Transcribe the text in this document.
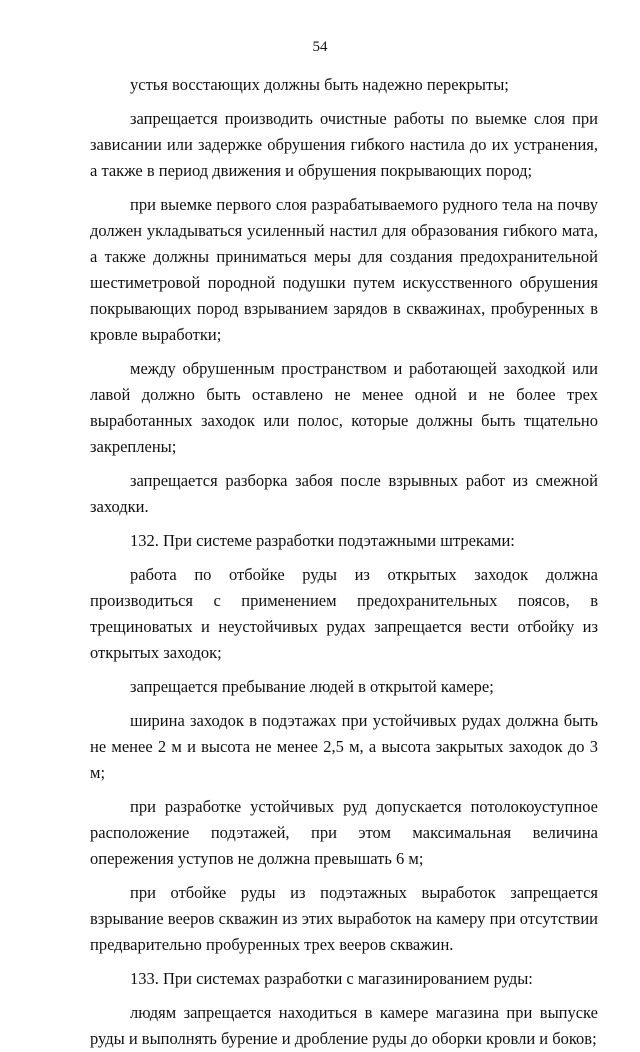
54

устья восстающих должны быть надежно перекрыты;

запрещается производить очистные работы по выемке слоя при зависании или задержке обрушения гибкого настила до их устранения, а также в период движения и обрушения покрывающих пород;

при выемке первого слоя разрабатываемого рудного тела на почву должен укладываться усиленный настил для образования гибкого мата, а также должны приниматься меры для создания предохранительной шестиметровой породной подушки путем искусственного обрушения покрывающих пород взрыванием зарядов в скважинах, пробуренных в кровле выработки;

между обрушенным пространством и работающей заходкой или лавой должно быть оставлено не менее одной и не более трех выработанных заходок или полос, которые должны быть тщательно закреплены;

запрещается разборка забоя после взрывных работ из смежной заходки.

132. При системе разработки подэтажными штреками:

работа по отбойке руды из открытых заходок должна производиться с применением предохранительных поясов, в трещиноватых и неустойчивых рудах запрещается вести отбойку из открытых заходок;

запрещается пребывание людей в открытой камере;

ширина заходок в подэтажах при устойчивых рудах должна быть не менее 2 м и высота не менее 2,5 м, а высота закрытых заходок до 3 м;

при разработке устойчивых руд допускается потолокоуступное расположение подэтажей, при этом максимальная величина опережения уступов не должна превышать 6 м;

при отбойке руды из подэтажных выработок запрещается взрывание вееров скважин из этих выработок на камеру при отсутствии предварительно пробуренных трех вееров скважин.

133. При системах разработки с магазинированием руды:

людям запрещается находиться в камере магазина при выпуске руды и выполнять бурение и дробление руды до оборки кровли и боков;
